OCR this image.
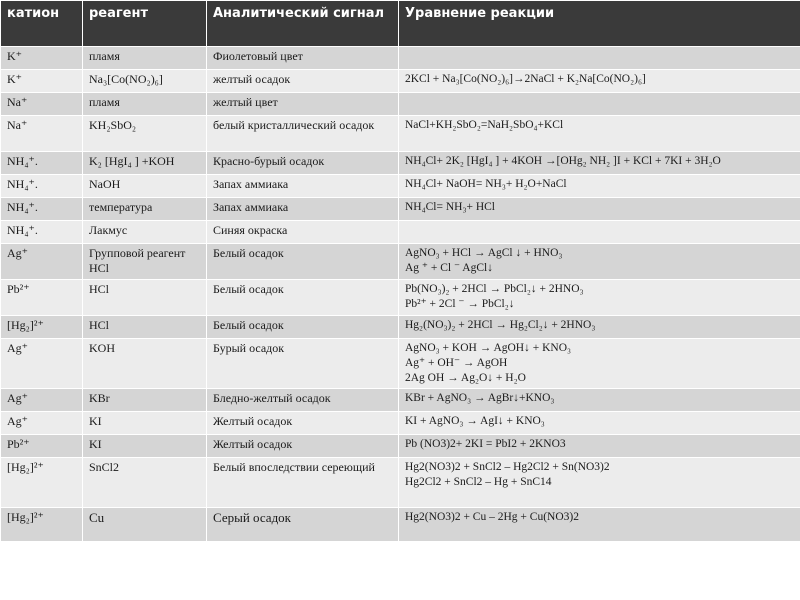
катион	реагент	Аналитический сигнал	Уравнение реакции
K⁺	пламя	Фиолетовый цвет	

K⁺	Na₃[Co(NO₂)₆]	желтый осадок	2KCl + Na₃[Co(NO₂)₆]→2NaCl + K₂Na[Co(NO₂)₆]

Na⁺	пламя	желтый цвет	

Na⁺	KH₂SbO₂	белый кристаллический осадок	NaCl+KH₂SbO₂=NaH₂SbO₄+KCl

NH₄⁺.	K₂ [HgI₄ ] +KOH	Красно-бурый осадок	NH₄Cl+ 2K₂ [HgI₄ ] + 4KOH →[OHg₂ NH₂ ]I + KCl + 7KI + 3H₂O

NH₄⁺.	NaOH	Запах аммиака	NH₄Cl+ NaOH= NH₃+ H₂O+NaCl

NH₄⁺.	температура	Запах аммиака	NH₄Cl= NH₃+ HCl

NH₄⁺.	Лакмус	Синяя окраска	

Ag⁺	Групповой реагент HCl	Белый осадок	AgNO₃ + HCl → AgCl ↓ + HNO₃
Ag ⁺ + Cl ⁻ AgCl↓

Pb²⁺	HCl	Белый осадок	Pb(NO₃)₂ + 2HCl → PbCl₂↓ + 2HNO₃
Pb²⁺ + 2Cl ⁻ → PbCl₂↓

[Hg₂]²⁺	HCl	Белый осадок	Hg₂(NO₃)₂ + 2HCl → Hg₂Cl₂↓ + 2HNO₃

Ag⁺	KOH	Бурый осадок	AgNO₃ + KOH → AgOH↓ + KNO₃
Ag⁺ + OH⁻ → AgOH
2Ag OH → Ag₂O↓ + H₂O

Ag⁺	KBr	Бледно-желтый осадок	KBr + AgNO₃ → AgBr↓+KNO₃

Ag⁺	KI	Желтый осадок	KI + AgNO₃ → AgI↓ + KNO₃

Pb²⁺	KI	Желтый осадок	Pb (NO3)2+ 2KI = PbI2 + 2KNO3

[Hg₂]²⁺	SnCl2	Белый впоследствии сереющий	Hg2(NO3)2 + SnCl2 – Hg2Cl2 + Sn(NO3)2
Hg2Cl2 + SnCl2 – Hg + SnC14

[Hg₂]²⁺	Cu	Серый осадок	Hg2(NO3)2 + Cu – 2Hg + Cu(NO3)2
